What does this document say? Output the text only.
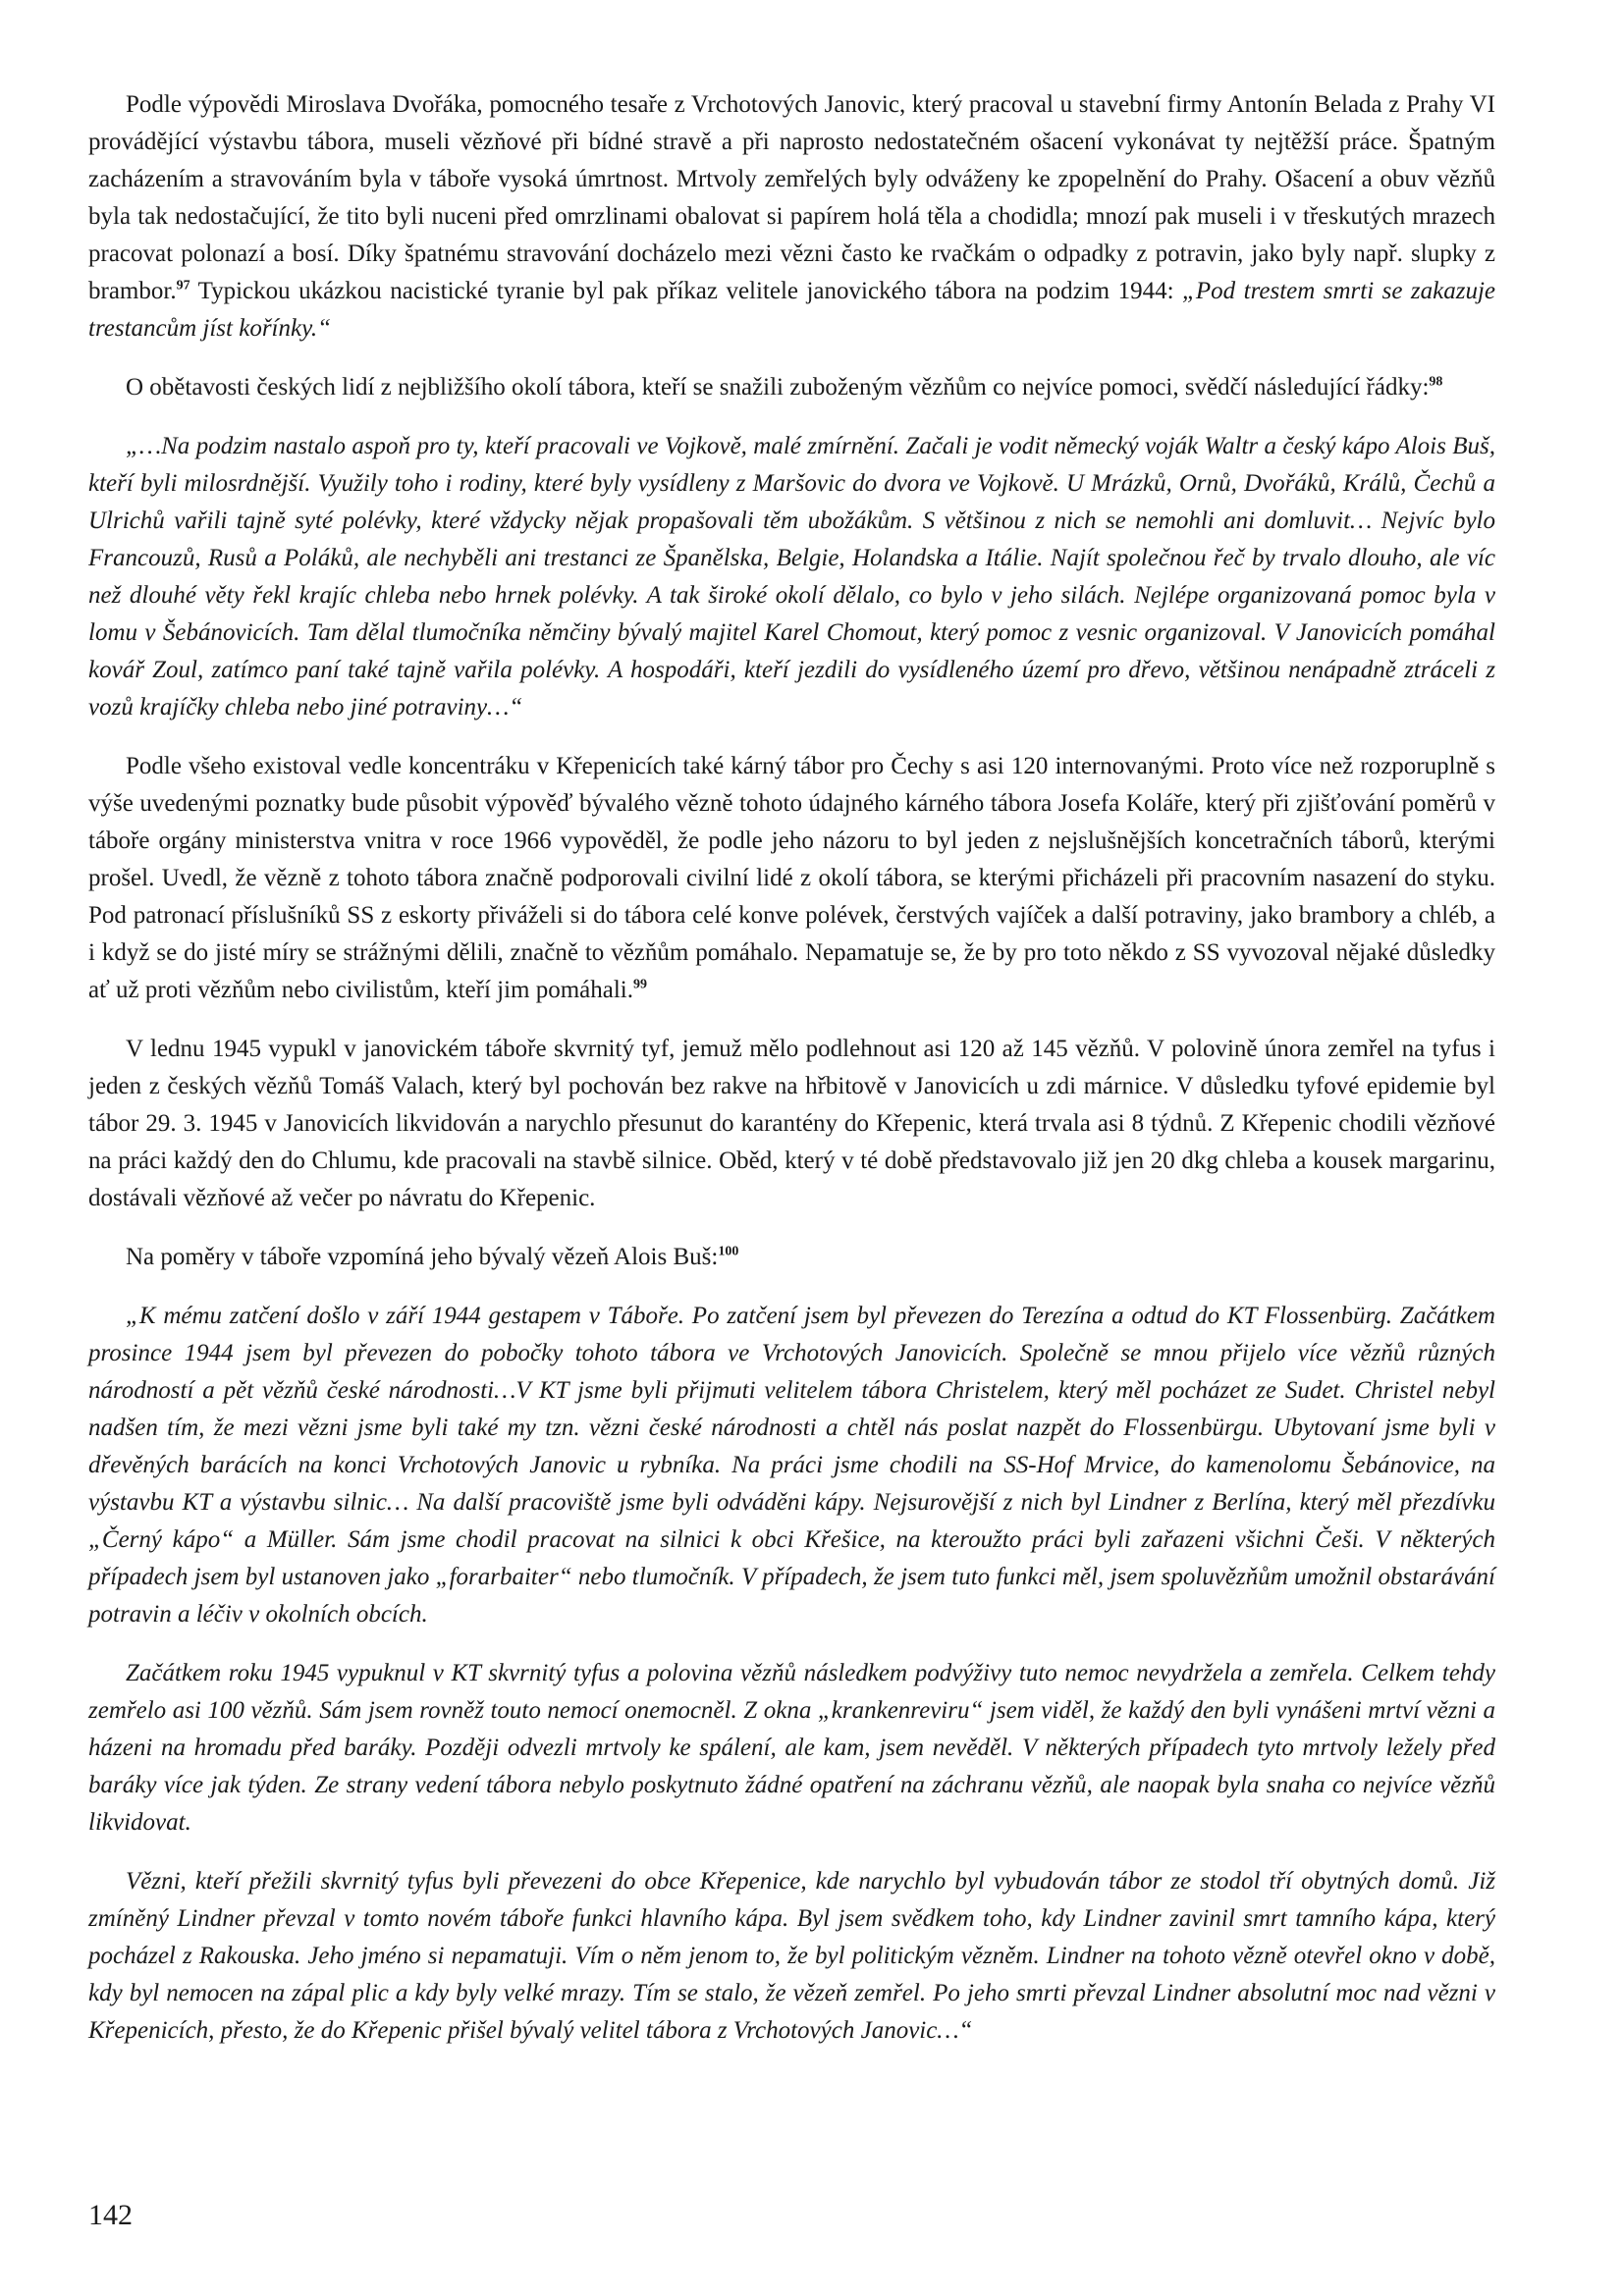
Podle výpovědi Miroslava Dvořáka, pomocného tesaře z Vrchotových Janovic, který pracoval u stavební firmy Antonín Belada z Prahy VI provádějící výstavbu tábora, museli vězňové při bídné stravě a při naprosto nedostatečném ošacení vykonávat ty nejtěžší práce. Špatným zacházením a stravováním byla v táboře vysoká úmrtnost. Mrtvoly zemřelých byly odváženy ke zpopelnění do Prahy. Ošacení a obuv vězňů byla tak nedostačující, že tito byli nuceni před omrzlinami obalovat si papírem holá těla a chodidla; mnozí pak museli i v třeskutých mrazech pracovat polonazí a bosí. Díky špatnému stravování docházelo mezi vězni často ke rvačkám o odpadky z potravin, jako byly např. slupky z brambor.$^{97}$ Typickou ukázkou nacistické tyranie byl pak příkaz velitele janovického tábora na podzim 1944: „Pod trestem smrti se zakazuje trestancům jíst kořínky.“

O obětavosti českých lidí z nejbližšího okolí tábora, kteří se snažili zuboženým vězňům co nejvíce pomoci, svědčí následující řádky:$^{98}$

„…Na podzim nastalo aspoň pro ty, kteří pracovali ve Vojkově, malé zmírnění. Začali je vodit německý voják Waltr a český kápo Alois Buš, kteří byli milosrdnější. Využily toho i rodiny, které byly vysídleny z Maršovic do dvora ve Vojkově. U Mrázků, Ornů, Dvořáků, Králů, Čechů a Ulrichů vařili tajně syté polévky, které vždycky nějak propašovali těm ubožákům. S většinou z nich se nemohli ani domluvit… Nejvíc bylo Francouzů, Rusů a Poláků, ale nechyběli ani trestanci ze Španělska, Belgie, Holandska a Itálie. Najít společnou řeč by trvalo dlouho, ale víc než dlouhé věty řekl krajíc chleba nebo hrnek polévky. A tak široké okolí dělalo, co bylo v jeho silách. Nejlépe organizovaná pomoc byla v lomu v Šebánovicích. Tam dělal tlumočníka němčiny bývalý majitel Karel Chomout, který pomoc z vesnic organizoval. V Janovicích pomáhal kovář Zoul, zatímco paní také tajně vařila polévky. A hospodáři, kteří jezdili do vysídleného území pro dřevo, většinou nenápadně ztráceli z vozů krajíčky chleba nebo jiné potraviny…“

Podle všeho existoval vedle koncentráku v Křepenicích také kárný tábor pro Čechy s asi 120 internovanými. Proto více než rozporuplně s výše uvedenými poznatky bude působit výpověď bývalého vězně tohoto údajného kárného tábora Josefa Koláře, který při zjišťování poměrů v táboře orgány ministerstva vnitra v roce 1966 vypověděl, že podle jeho názoru to byl jeden z nejslušnějších koncetračních táborů, kterými prošel. Uvedl, že vězně z tohoto tábora značně podporovali civilní lidé z okolí tábora, se kterými přicházeli při pracovním nasazení do styku. Pod patronací příslušníků SS z eskorty přiváželi si do tábora celé konve polévek, čerstvých vajíček a další potraviny, jako brambory a chléb, a i když se do jisté míry se strážnými dělili, značně to vězňům pomáhalo. Nepamatuje se, že by pro toto někdo z SS vyvozoval nějaké důsledky ať už proti vězňům nebo civilistům, kteří jim pomáhali.$^{99}$

V lednu 1945 vypukl v janovickém táboře skvrnitý tyf, jemuž mělo podlehnout asi 120 až 145 vězňů. V polovině února zemřel na tyfus i jeden z českých vězňů Tomáš Valach, který byl pochován bez rakve na hřbitově v Janovicích u zdi márnice. V důsledku tyfové epidemie byl tábor 29. 3. 1945 v Janovicích likvidován a narychlo přesunut do karantény do Křepenic, která trvala asi 8 týdnů. Z Křepenic chodili vězňové na práci každý den do Chlumu, kde pracovali na stavbě silnice. Oběd, který v té době představovalo již jen 20 dkg chleba a kousek margarinu, dostávali vězňové až večer po návratu do Křepenic.

Na poměry v táboře vzpomíná jeho bývalý vězeň Alois Buš:$^{100}$

„K mému zatčení došlo v září 1944 gestapem v Táboře. Po zatčení jsem byl převezen do Terezína a odtud do KT Flossenbürg. Začátkem prosince 1944 jsem byl převezen do pobočky tohoto tábora ve Vrchotových Janovicích. Společně se mnou přijelo více vězňů různých národností a pět vězňů české národnosti…V KT jsme byli přijmuti velitelem tábora Christelem, který měl pocházet ze Sudet. Christel nebyl nadšen tím, že mezi vězni jsme byli také my tzn. vězni české národnosti a chtěl nás poslat nazpět do Flossenbürgu. Ubytovaní jsme byli v dřevěných barácích na konci Vrchotových Janovic u rybníka. Na práci jsme chodili na SS-Hof Mrvice, do kamenolomu Šebánovice, na výstavbu KT a výstavbu silnic… Na další pracoviště jsme byli odváděni kápy. Nejsurovější z nich byl Lindner z Berlína, který měl přezdívku „Černý kápo“ a Müller. Sám jsme chodil pracovat na silnici k obci Křešice, na kteroužto práci byli zařazeni všichni Češi. V některých případech jsem byl ustanoven jako „forarbaiter“ nebo tlumočník. V případech, že jsem tuto funkci měl, jsem spoluvězňům umožnil obstarávání potravin a léčiv v okolních obcích.

Začátkem roku 1945 vypuknul v KT skvrnitý tyfus a polovina vězňů následkem podvýživy tuto nemoc nevydržela a zemřela. Celkem tehdy zemřelo asi 100 vězňů. Sám jsem rovněž touto nemocí onemocněl. Z okna „krankenreviru“ jsem viděl, že každý den byli vynášeni mrtví vězni a házeni na hromadu před baráky. Později odvezli mrtvoly ke spálení, ale kam, jsem nevěděl. V některých případech tyto mrtvoly ležely před baráky více jak týden. Ze strany vedení tábora nebylo poskytnuto žádné opatření na záchranu vězňů, ale naopak byla snaha co nejvíce vězňů likvidovat.

Vězni, kteří přežili skvrnitý tyfus byli převezeni do obce Křepenice, kde narychlo byl vybudován tábor ze stodol tří obytných domů. Již zmíněný Lindner převzal v tomto novém táboře funkci hlavního kápa. Byl jsem svědkem toho, kdy Lindner zavinil smrt tamního kápa, který pocházel z Rakouska. Jeho jméno si nepamatuji. Vím o něm jenom to, že byl politickým vězněm. Lindner na tohoto vězně otevřel okno v době, kdy byl nemocen na zápal plic a kdy byly velké mrazy. Tím se stalo, že vězeň zemřel. Po jeho smrti převzal Lindner absolutní moc nad vězni v Křepenicích, přesto, že do Křepenic přišel bývalý velitel tábora z Vrchotových Janovic…“

142
